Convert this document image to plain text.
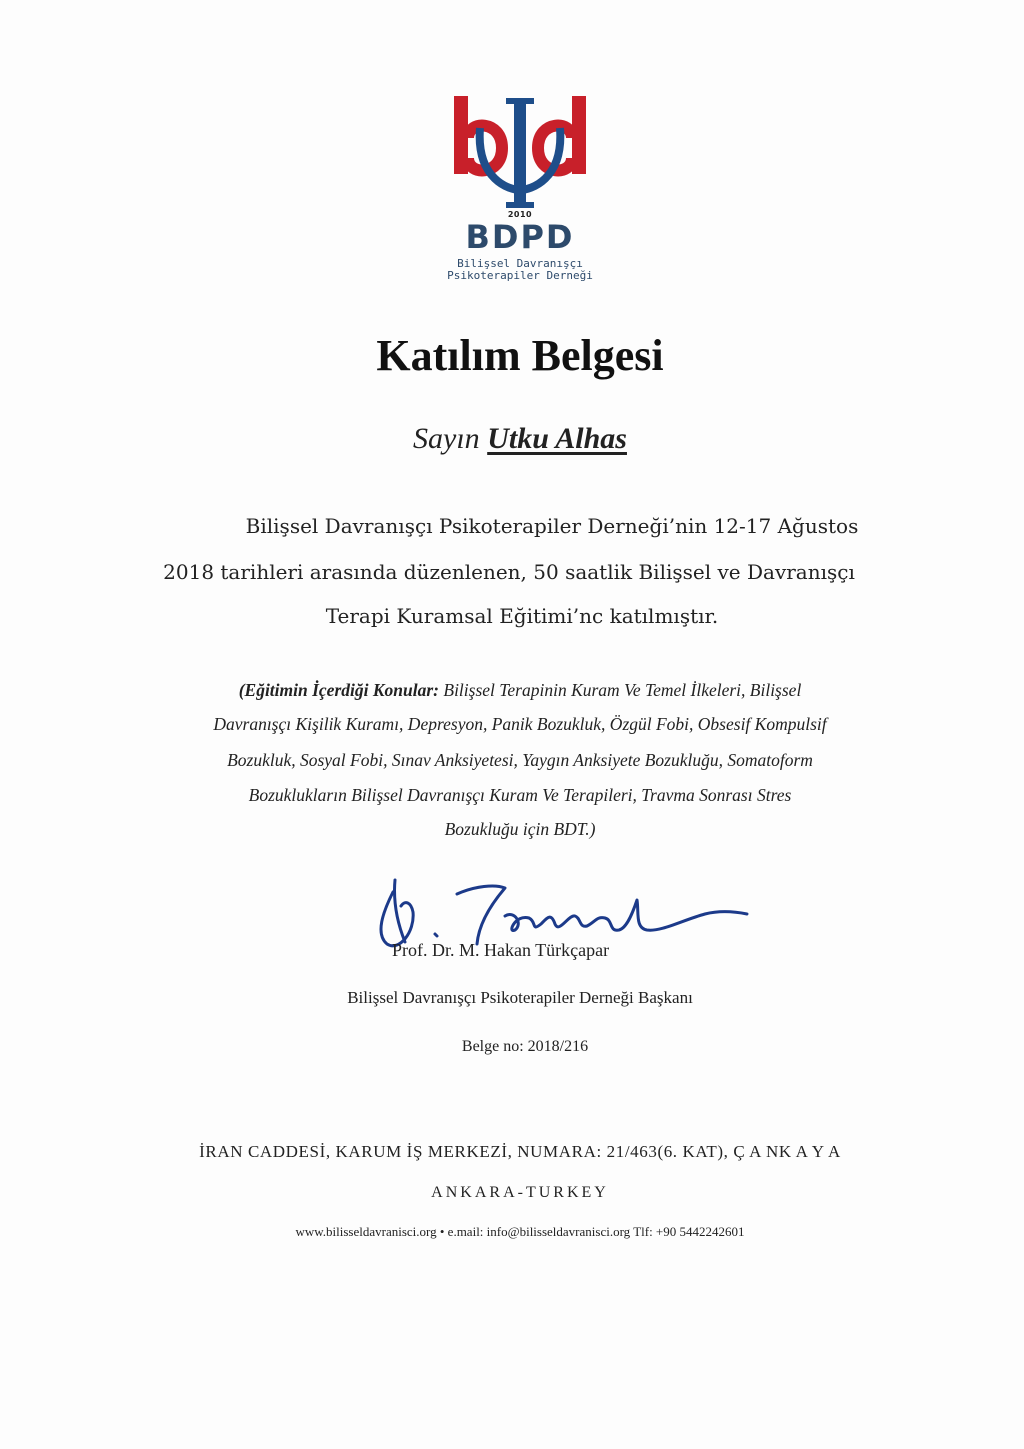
2010
BDPD
Bilişsel Davranışçı
Psikoterapiler Derneği
Katılım Belgesi
Sayın Utku Alhas
Bilişsel Davranışçı Psikoterapiler Derneği’nin 12-17 Ağustos
2018 tarihleri arasında düzenlenen, 50 saatlik Bilişsel ve Davranışçı
Terapi Kuramsal Eğitimi’nc katılmıştır.
(Eğitimin İçerdiği Konular: Bilişsel Terapinin Kuram Ve Temel İlkeleri, Bilişsel
Davranışçı Kişilik Kuramı, Depresyon, Panik Bozukluk, Özgül Fobi, Obsesif Kompulsif
Bozukluk, Sosyal Fobi, Sınav Anksiyetesi, Yaygın Anksiyete Bozukluğu, Somatoform
Bozuklukların Bilişsel Davranışçı Kuram Ve Terapileri, Travma Sonrası Stres
Bozukluğu için BDT.)
Prof. Dr. M. Hakan Türkçapar
Bilişsel Davranışçı Psikoterapiler Derneği Başkanı
Belge no: 2018/216
İRAN CADDESİ, KARUM İŞ MERKEZİ, NUMARA: 21/463(6. KAT), Ç A NK A Y A
ANKARA-TURKEY
www.bilisseldavranisci.org • e.mail: info@bilisseldavranisci.org Tlf: +90 5442242601
